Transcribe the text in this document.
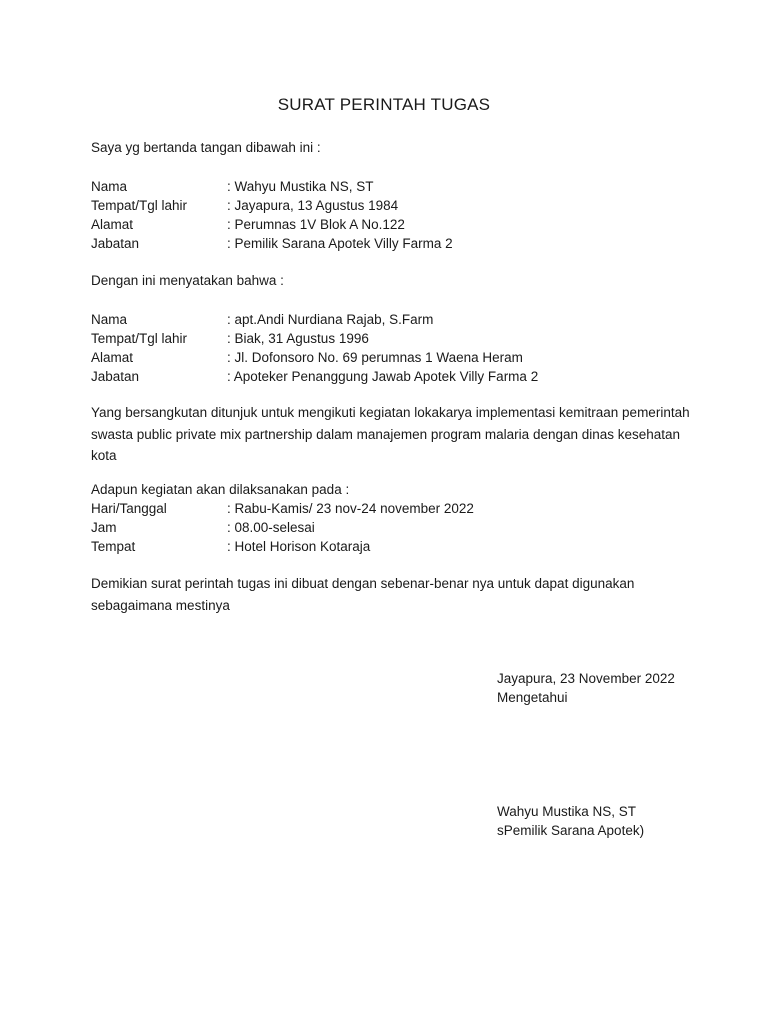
SURAT PERINTAH TUGAS
Saya yg bertanda tangan dibawah ini :
Nama	: Wahyu Mustika NS, ST
Tempat/Tgl lahir	: Jayapura, 13 Agustus 1984
Alamat	: Perumnas 1V Blok A No.122
Jabatan	: Pemilik Sarana Apotek Villy Farma 2
Dengan ini menyatakan bahwa :
Nama	: apt.Andi Nurdiana Rajab, S.Farm
Tempat/Tgl lahir	: Biak, 31 Agustus 1996
Alamat	: Jl. Dofonsoro No. 69 perumnas 1 Waena Heram
Jabatan	: Apoteker Penanggung Jawab Apotek Villy Farma 2
Yang bersangkutan ditunjuk untuk mengikuti kegiatan lokakarya implementasi kemitraan pemerintah swasta public private mix partnership dalam manajemen program malaria dengan dinas kesehatan kota
Adapun kegiatan akan dilaksanakan pada :
Hari/Tanggal	: Rabu-Kamis/ 23 nov-24 november 2022
Jam	: 08.00-selesai
Tempat	: Hotel Horison Kotaraja
Demikian surat perintah tugas ini dibuat dengan sebenar-benar nya untuk dapat digunakan sebagaimana mestinya
Jayapura, 23 November 2022
Mengetahui
Wahyu Mustika NS, ST
sPemilik Sarana Apotek)
